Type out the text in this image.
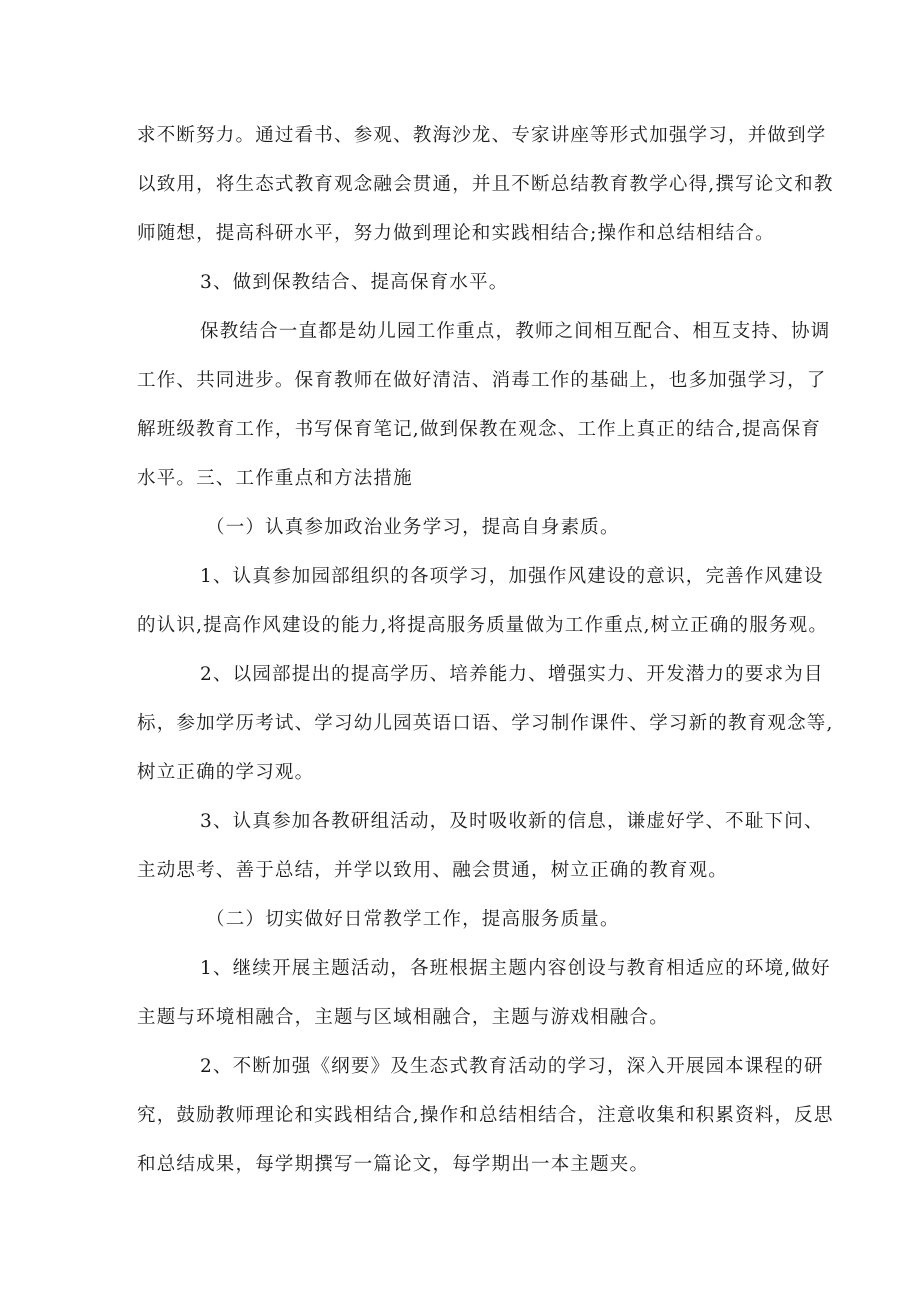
求不断努力。通过看书、参观、教海沙龙、专家讲座等形式加强学习，并做到学
以致用，将生态式教育观念融会贯通，并且不断总结教育教学心得,撰写论文和教
师随想，提高科研水平，努力做到理论和实践相结合;操作和总结相结合。
3、做到保教结合、提高保育水平。
保教结合一直都是幼儿园工作重点，教师之间相互配合、相互支持、协调
工作、共同进步。保育教师在做好清洁、消毒工作的基础上，也多加强学习，了
解班级教育工作，书写保育笔记,做到保教在观念、工作上真正的结合,提高保育
水平。三、工作重点和方法措施
（一）认真参加政治业务学习，提高自身素质。
1、认真参加园部组织的各项学习，加强作风建设的意识，完善作风建设
的认识,提高作风建设的能力,将提高服务质量做为工作重点,树立正确的服务观。
2、以园部提出的提高学历、培养能力、增强实力、开发潜力的要求为目
标，参加学历考试、学习幼儿园英语口语、学习制作课件、学习新的教育观念等,
树立正确的学习观。
3、认真参加各教研组活动，及时吸收新的信息，谦虚好学、不耻下问、
主动思考、善于总结，并学以致用、融会贯通，树立正确的教育观。
（二）切实做好日常教学工作，提高服务质量。
1、继续开展主题活动，各班根据主题内容创设与教育相适应的环境,做好
主题与环境相融合，主题与区域相融合，主题与游戏相融合。
2、不断加强《纲要》及生态式教育活动的学习，深入开展园本课程的研
究，鼓励教师理论和实践相结合,操作和总结相结合，注意收集和积累资料，反思
和总结成果，每学期撰写一篇论文，每学期出一本主题夹。
